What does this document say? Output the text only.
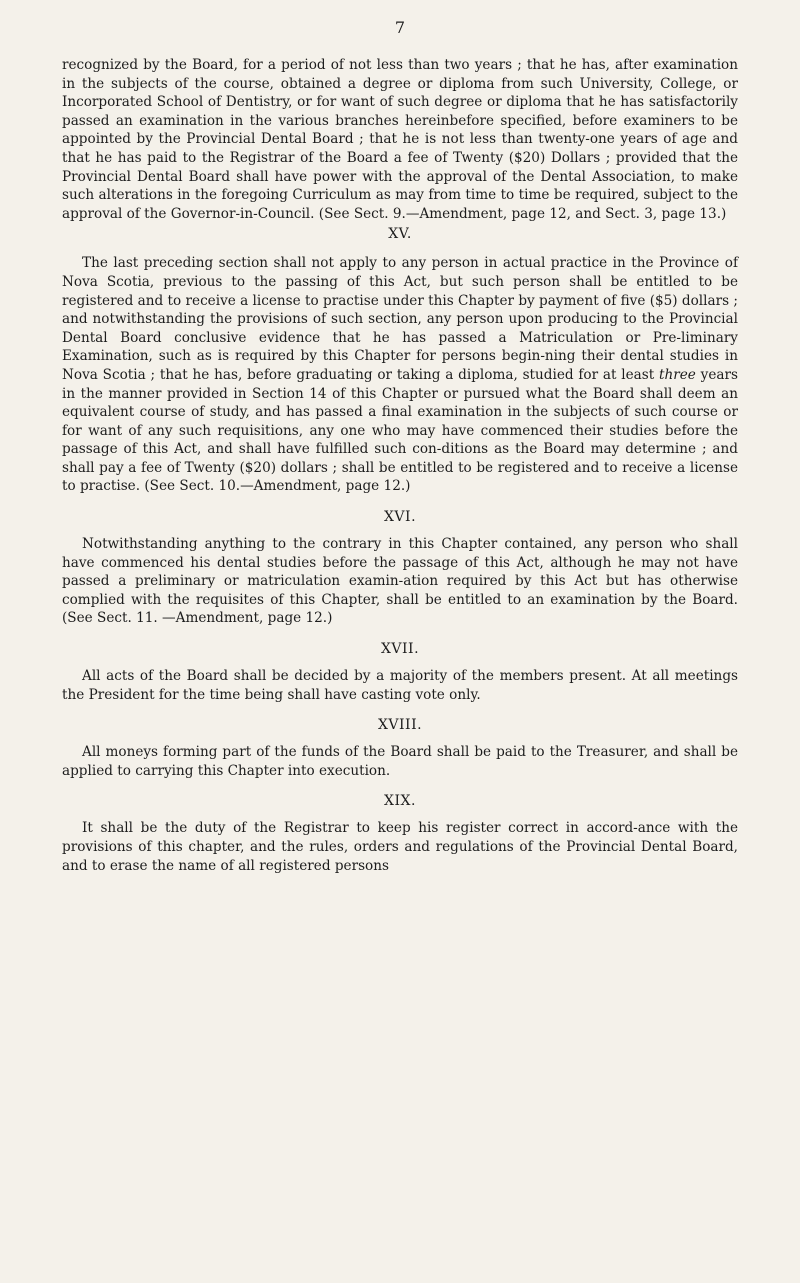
7

recognized by the Board, for a period of not less than two years ; that he has, after examination in the subjects of the course, obtained a degree or diploma from such University, College, or Incorporated School of Dentistry, or for want of such degree or diploma that he has satisfactorily passed an examination in the various branches hereinbefore specified, before examiners to be appointed by the Provincial Dental Board ; that he is not less than twenty-one years of age and that he has paid to the Registrar of the Board a fee of Twenty ($20) Dollars ; provided that the Provincial Dental Board shall have power with the approval of the Dental Association, to make such alterations in the foregoing Curriculum as may from time to time be required, subject to the approval of the Governor-in-Council. (See Sect. 9.—Amendment, page 12, and Sect. 3, page 13.)

XV.

The last preceding section shall not apply to any person in actual practice in the Province of Nova Scotia, previous to the passing of this Act, but such person shall be entitled to be registered and to receive a license to practise under this Chapter by payment of five ($5) dollars ; and notwithstanding the provisions of such section, any person upon producing to the Provincial Dental Board conclusive evidence that he has passed a Matriculation or Pre-liminary Examination, such as is required by this Chapter for persons begin-ning their dental studies in Nova Scotia ; that he has, before graduating or taking a diploma, studied for at least three years in the manner provided in Section 14 of this Chapter or pursued what the Board shall deem an equivalent course of study, and has passed a final examination in the subjects of such course or for want of any such requisitions, any one who may have commenced their studies before the passage of this Act, and shall have fulfilled such con-ditions as the Board may determine ; and shall pay a fee of Twenty ($20) dollars ; shall be entitled to be registered and to receive a license to practise. (See Sect. 10.—Amendment, page 12.)

XVI.

Notwithstanding anything to the contrary in this Chapter contained, any person who shall have commenced his dental studies before the passage of this Act, although he may not have passed a preliminary or matriculation examin-ation required by this Act but has otherwise complied with the requisites of this Chapter, shall be entitled to an examination by the Board. (See Sect. 11. —Amendment, page 12.)

XVII.

All acts of the Board shall be decided by a majority of the members present. At all meetings the President for the time being shall have casting vote only.

XVIII.

All moneys forming part of the funds of the Board shall be paid to the Treasurer, and shall be applied to carrying this Chapter into execution.

XIX.

It shall be the duty of the Registrar to keep his register correct in accord-ance with the provisions of this chapter, and the rules, orders and regulations of the Provincial Dental Board, and to erase the name of all registered persons
